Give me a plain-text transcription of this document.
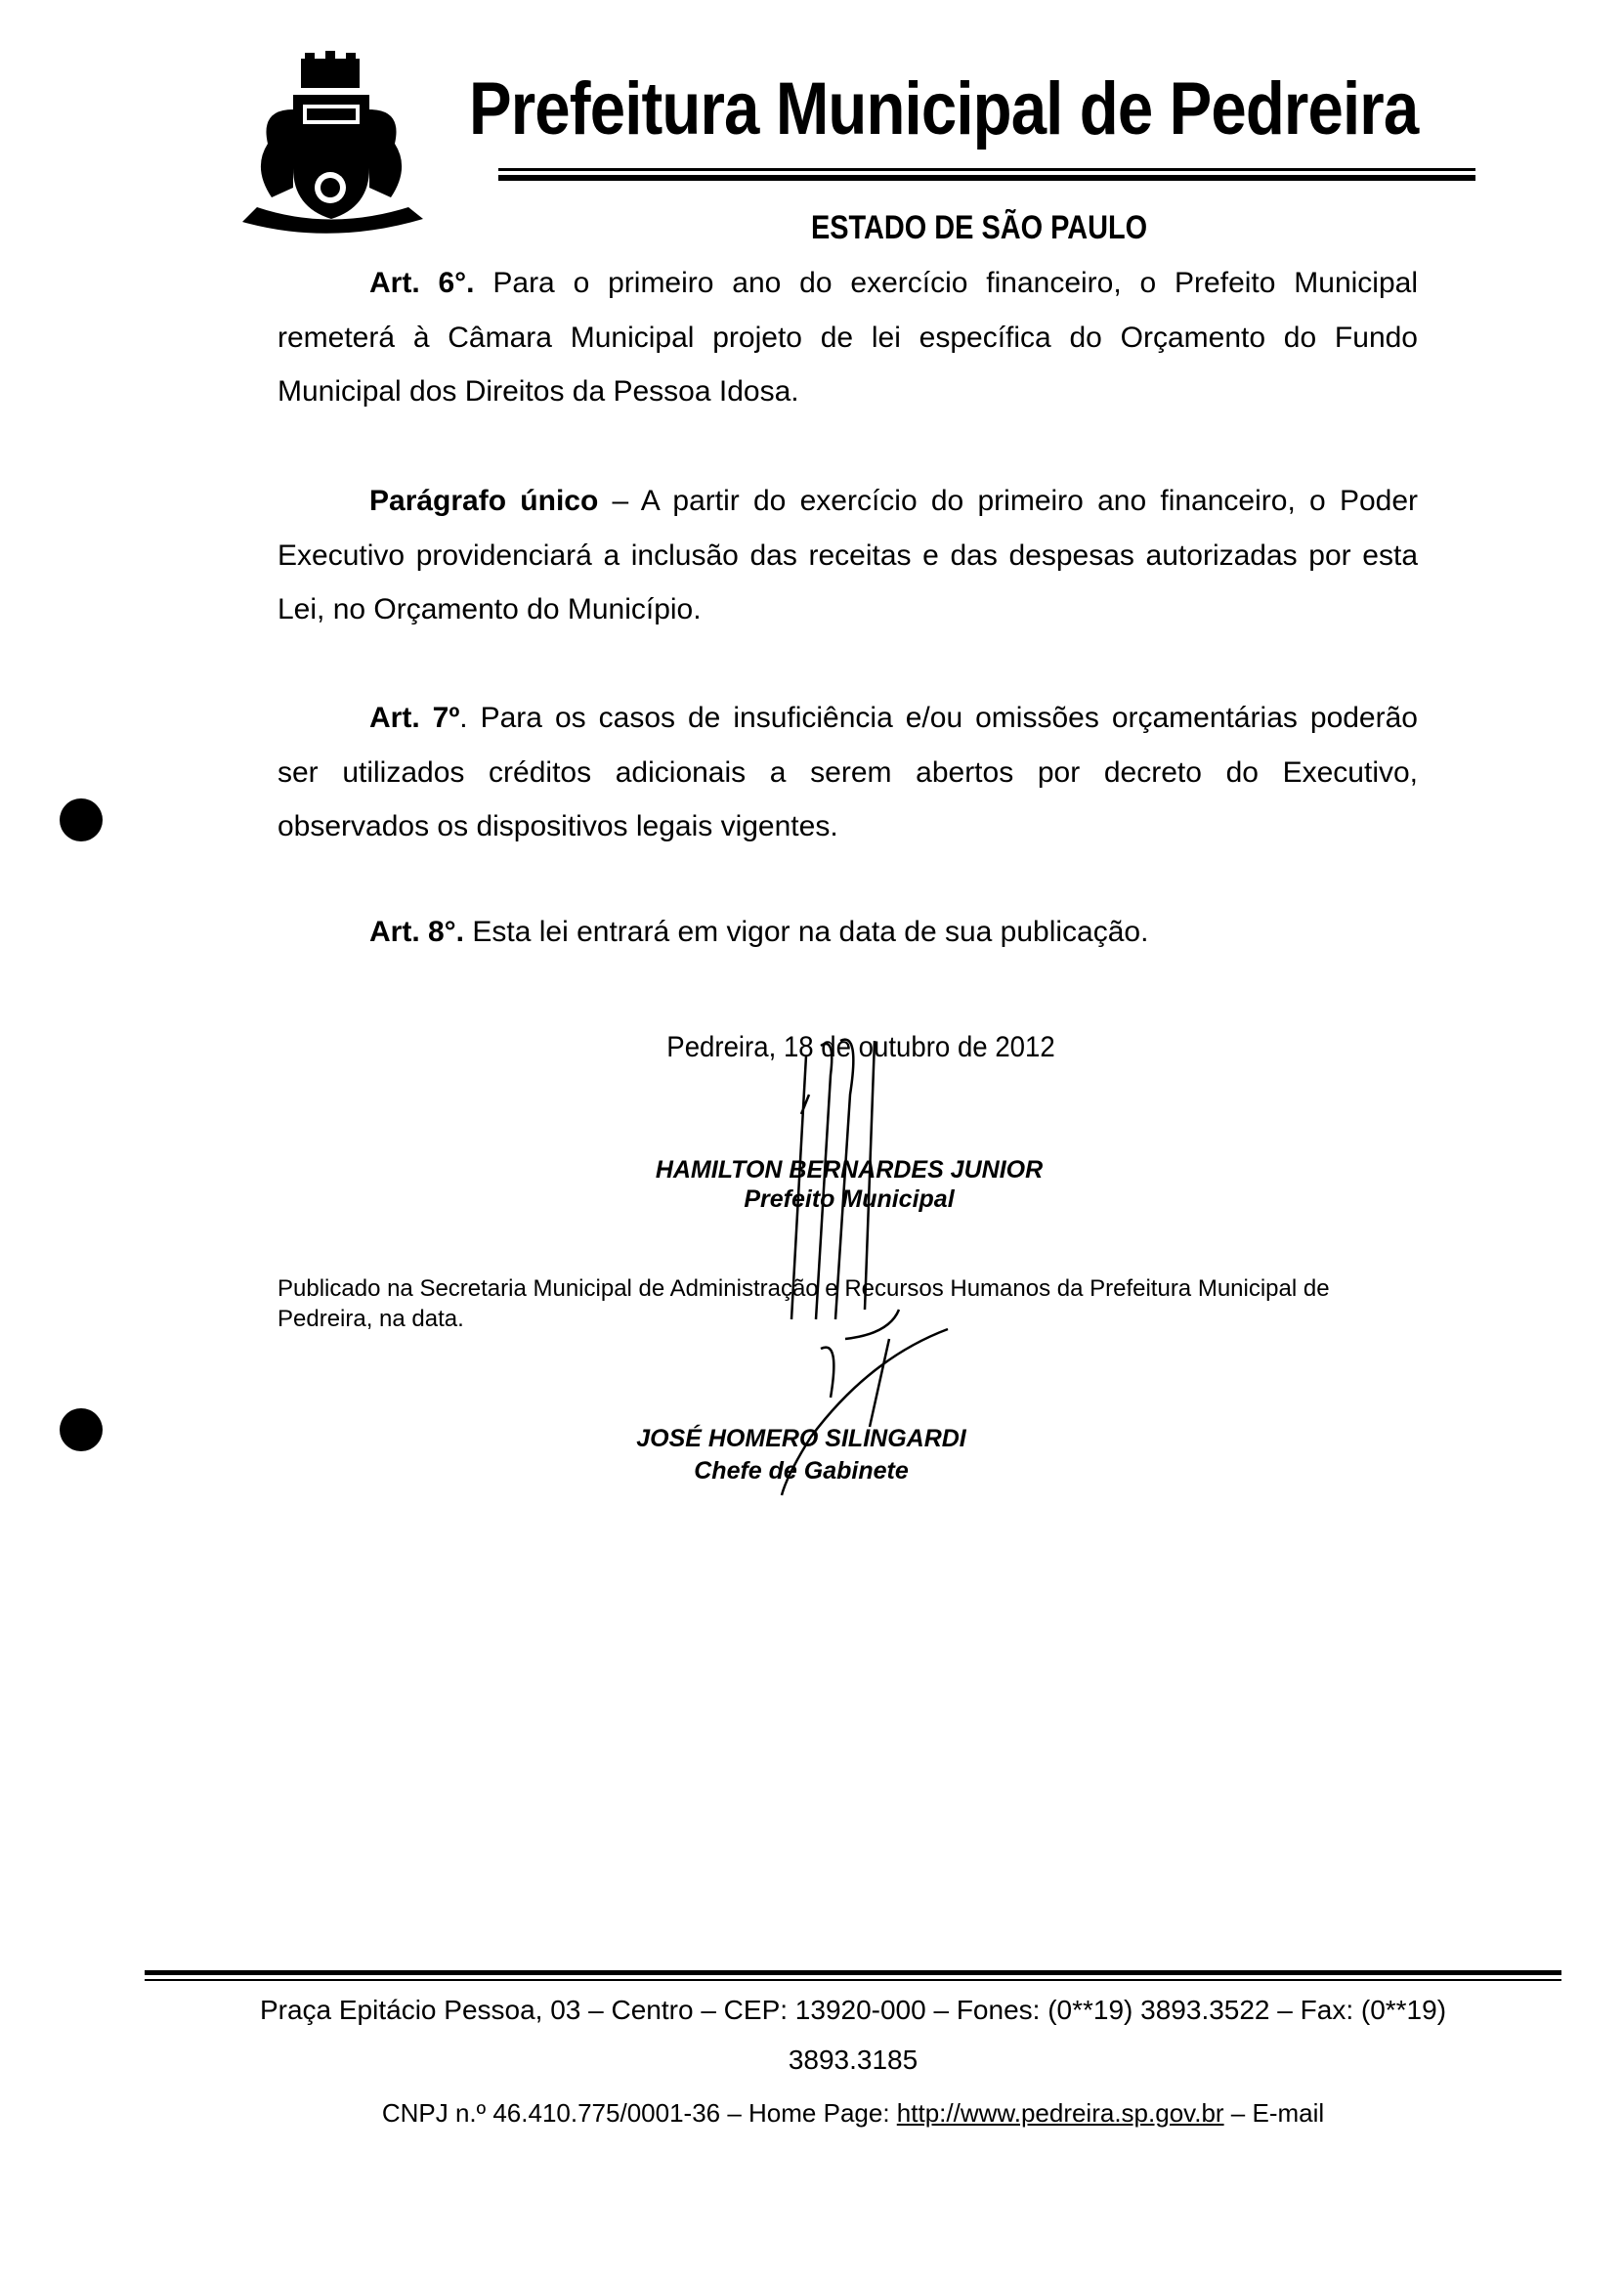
Prefeitura Municipal de Pedreira
ESTADO DE SÃO PAULO

Art. 6°. Para o primeiro ano do exercício financeiro, o Prefeito Municipal remeterá à Câmara Municipal projeto de lei específica do Orçamento do Fundo Municipal dos Direitos da Pessoa Idosa.

Parágrafo único – A partir do exercício do primeiro ano financeiro, o Poder Executivo providenciará a inclusão das receitas e das despesas autorizadas por esta Lei, no Orçamento do Município.

Art. 7º. Para os casos de insuficiência e/ou omissões orçamentárias poderão ser utilizados créditos adicionais a serem abertos por decreto do Executivo, observados os dispositivos legais vigentes.

Art. 8°. Esta lei entrará em vigor na data de sua publicação.

Pedreira, 18 de outubro de 2012
HAMILTON BERNARDES JUNIOR
Prefeito Municipal
Publicado na Secretaria Municipal de Administração e Recursos Humanos da Prefeitura Municipal de Pedreira, na data.
JOSÉ HOMERO SILINGARDI
Chefe de Gabinete
Praça Epitácio Pessoa, 03 – Centro – CEP: 13920-000 – Fones: (0**19) 3893.3522 – Fax: (0**19)
3893.3185
CNPJ n.º 46.410.775/0001-36 – Home Page: http://www.pedreira.sp.gov.br – E-mail
